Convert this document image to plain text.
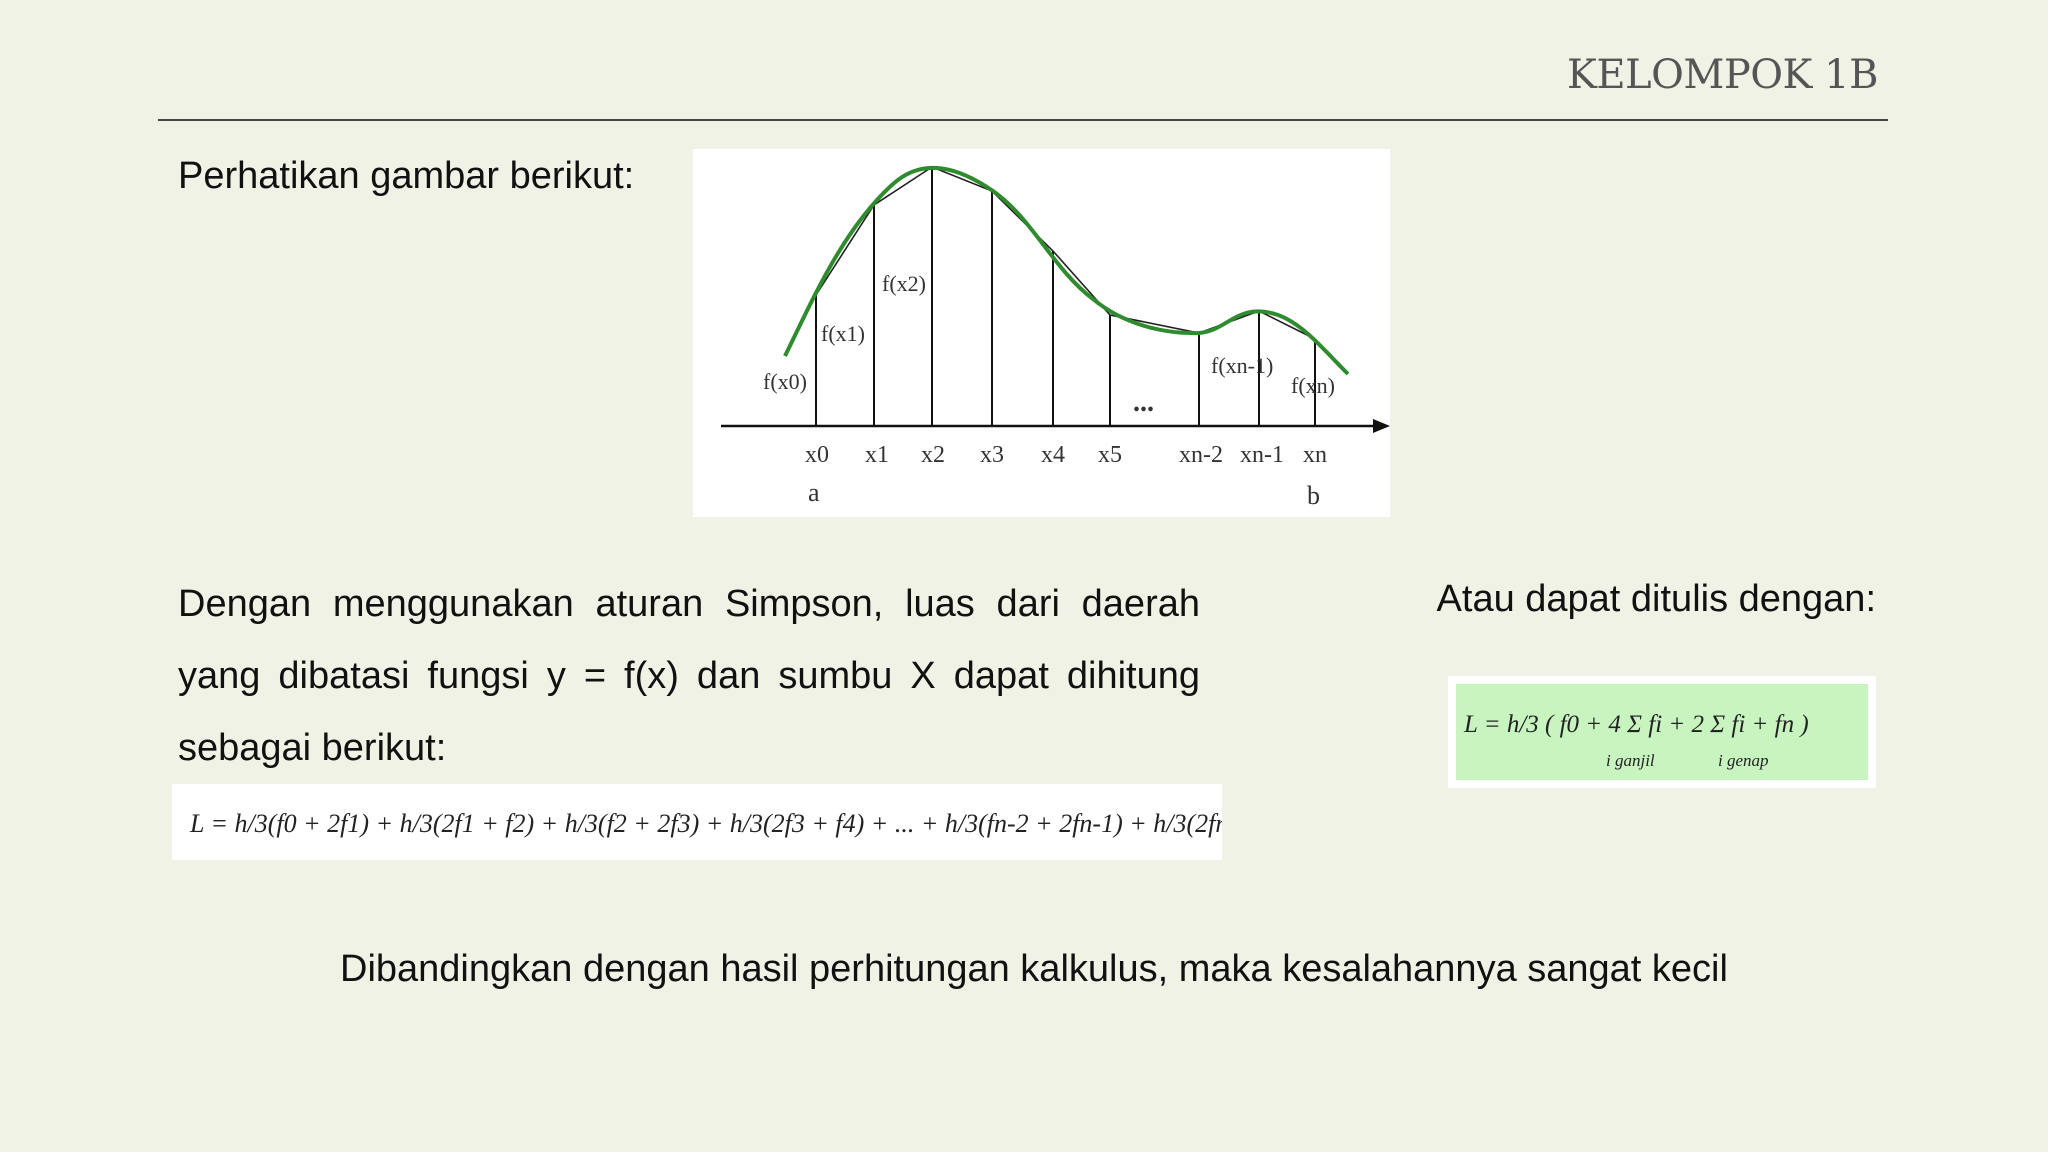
KELOMPOK 1B
Perhatikan gambar berikut:
f(x0)
f(x1)
f(x2)
f(xn-1)
f(xn)
...
x0 x1 x2 x3 x4 x5 xn-2 xn-1 xn
a	b
Dengan menggunakan aturan Simpson, luas dari daerah yang dibatasi fungsi y = f(x) dan sumbu X dapat dihitung sebagai berikut:
L = h/3(f0 + 2f1) + h/3(2f1 + f2) + h/3(f2 + 2f3) + h/3(2f3 + f4) + ... + h/3(fn-2 + 2fn-1) + h/3(2fn-1 + fn)
Atau dapat ditulis dengan:
L = h/3 ( f0 + 4 Σ fi + 2 Σ fi + fn )
i ganjil	i genap
Dibandingkan dengan hasil perhitungan kalkulus, maka kesalahannya sangat kecil
